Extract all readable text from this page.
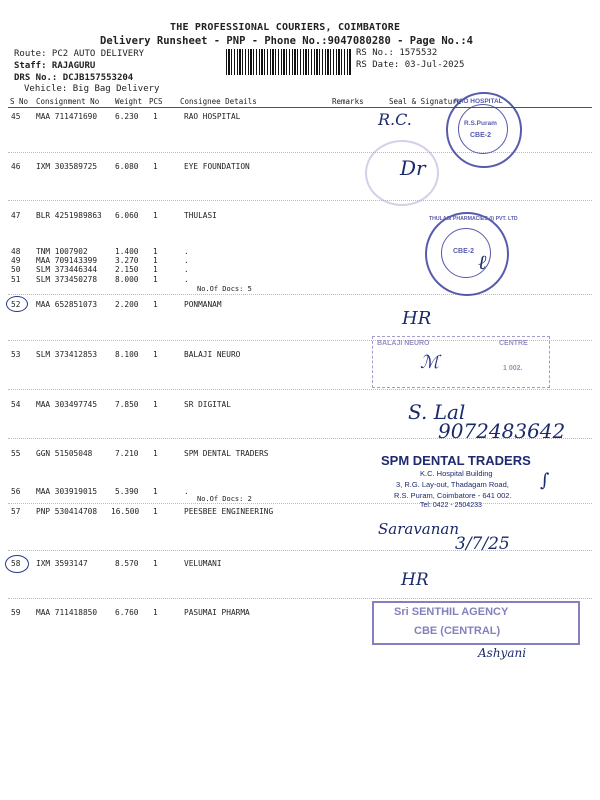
THE PROFESSIONAL COURIERS, COIMBATORE
Delivery Runsheet - PNP - Phone No.:9047080280 - Page No.:4
Route: PC2 AUTO DELIVERY
Staff: RAJAGURU
DRS No.: DCJB157553204
Vehicle: Big Bag Delivery
RS No.: 1575532
RS Date: 03-Jul-2025
S No Consignment No Weight PCS Consignee Details	Remarks	Seal & Signature
45 MAA 711471690 6.230 1	RAO HOSPITAL
46 IXM 303589725 6.080 1	EYE FOUNDATION
47 BLR 4251989863 6.060 1	THULASI
48 TNM 1007902	1.400 1	.
49 MAA 709143399 3.270 1	.
50 SLM 373446344 2.150 1	.
51 SLM 373450278 8.000 1	.
No.Of Docs: 5
52 MAA 652851073 2.200 1	PONMANAM
53 SLM 373412853 8.100 1	BALAJI NEURO
54 MAA 303497745 7.850 1	SR DIGITAL
55 GGN 51505048	7.210 1	SPM DENTAL TRADERS
56 MAA 303919015 5.390 1	.
No.Of Docs: 2
57 PNP 530414708 16.500 1	PEESBEE ENGINEERING
58 IXM 3593147	8.570 1	VELUMANI
59 MAA 711418850 6.760 1	PASUMAI PHARMA
RAO HOSPITAL
R.S.Puram
CBE-2
R.C.
Dr
THULASI PHARMACIES (I) PVT. LTD
CBE-2 ℓ
HR
BALAJI NEURO	CENTRE
1 002.
ℳ
S. Lal
9072483642
SPM DENTAL TRADERS
K.C. Hospital Building
3, R.G. Lay-out, Thadagam Road,
R.S. Puram, Coimbatore - 641 002.
Tel: 0422 - 2504233
∫
Saravanan
3/7/25
HR
Sri SENTHIL AGENCY
CBE (CENTRAL)
Ashyani
